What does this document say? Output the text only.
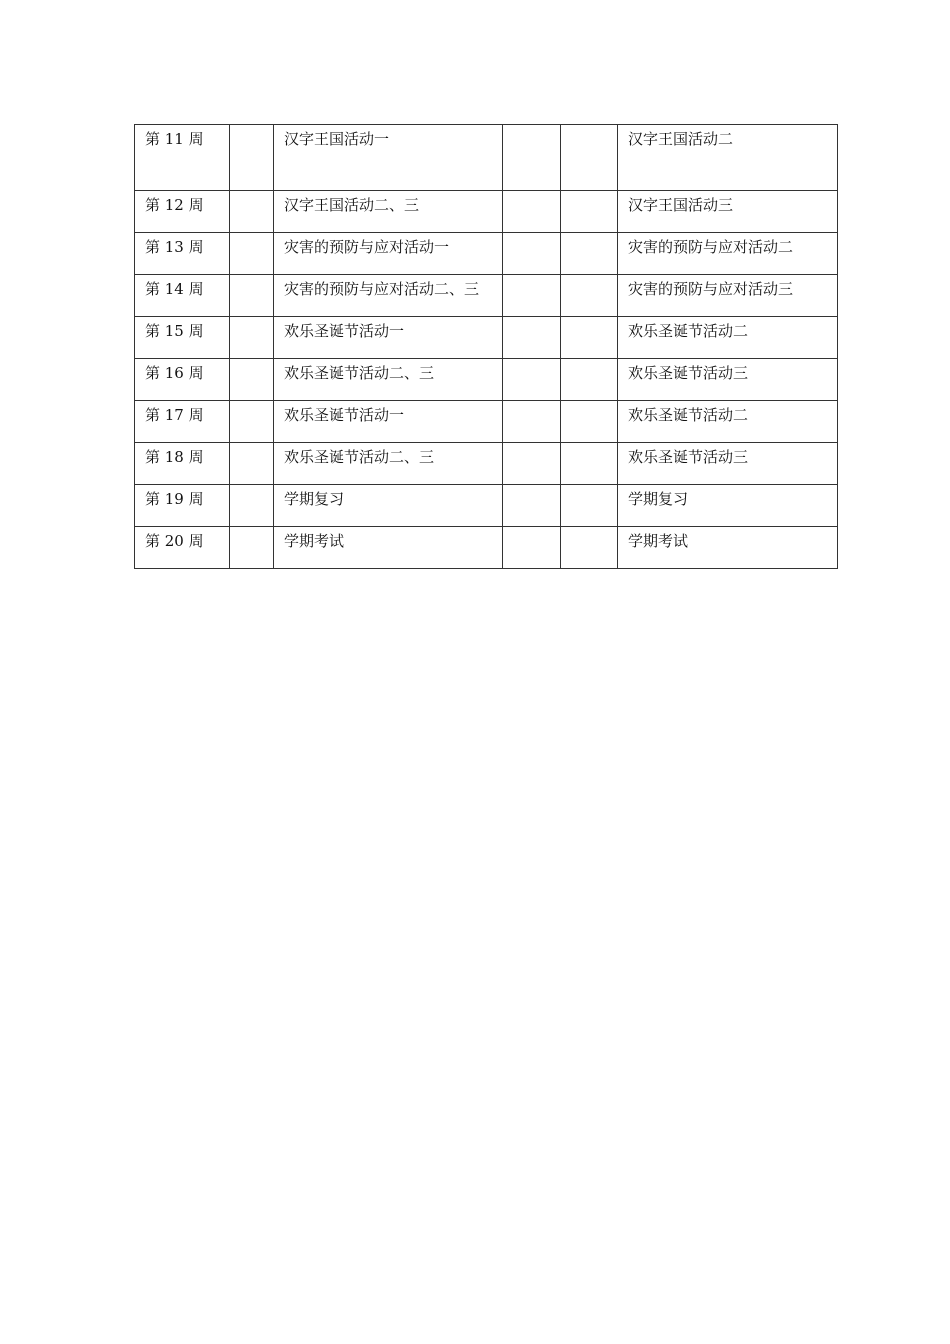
第 11 周		汉字王国活动一			汉字王国活动二
第 12 周		汉字王国活动二、三			汉字王国活动三
第 13 周		灾害的预防与应对活动一			灾害的预防与应对活动二
第 14 周		灾害的预防与应对活动二、三			灾害的预防与应对活动三
第 15 周		欢乐圣诞节活动一			欢乐圣诞节活动二
第 16 周		欢乐圣诞节活动二、三			欢乐圣诞节活动三
第 17 周		欢乐圣诞节活动一			欢乐圣诞节活动二
第 18 周		欢乐圣诞节活动二、三			欢乐圣诞节活动三
第 19 周		学期复习			学期复习
第 20 周		学期考试			学期考试
